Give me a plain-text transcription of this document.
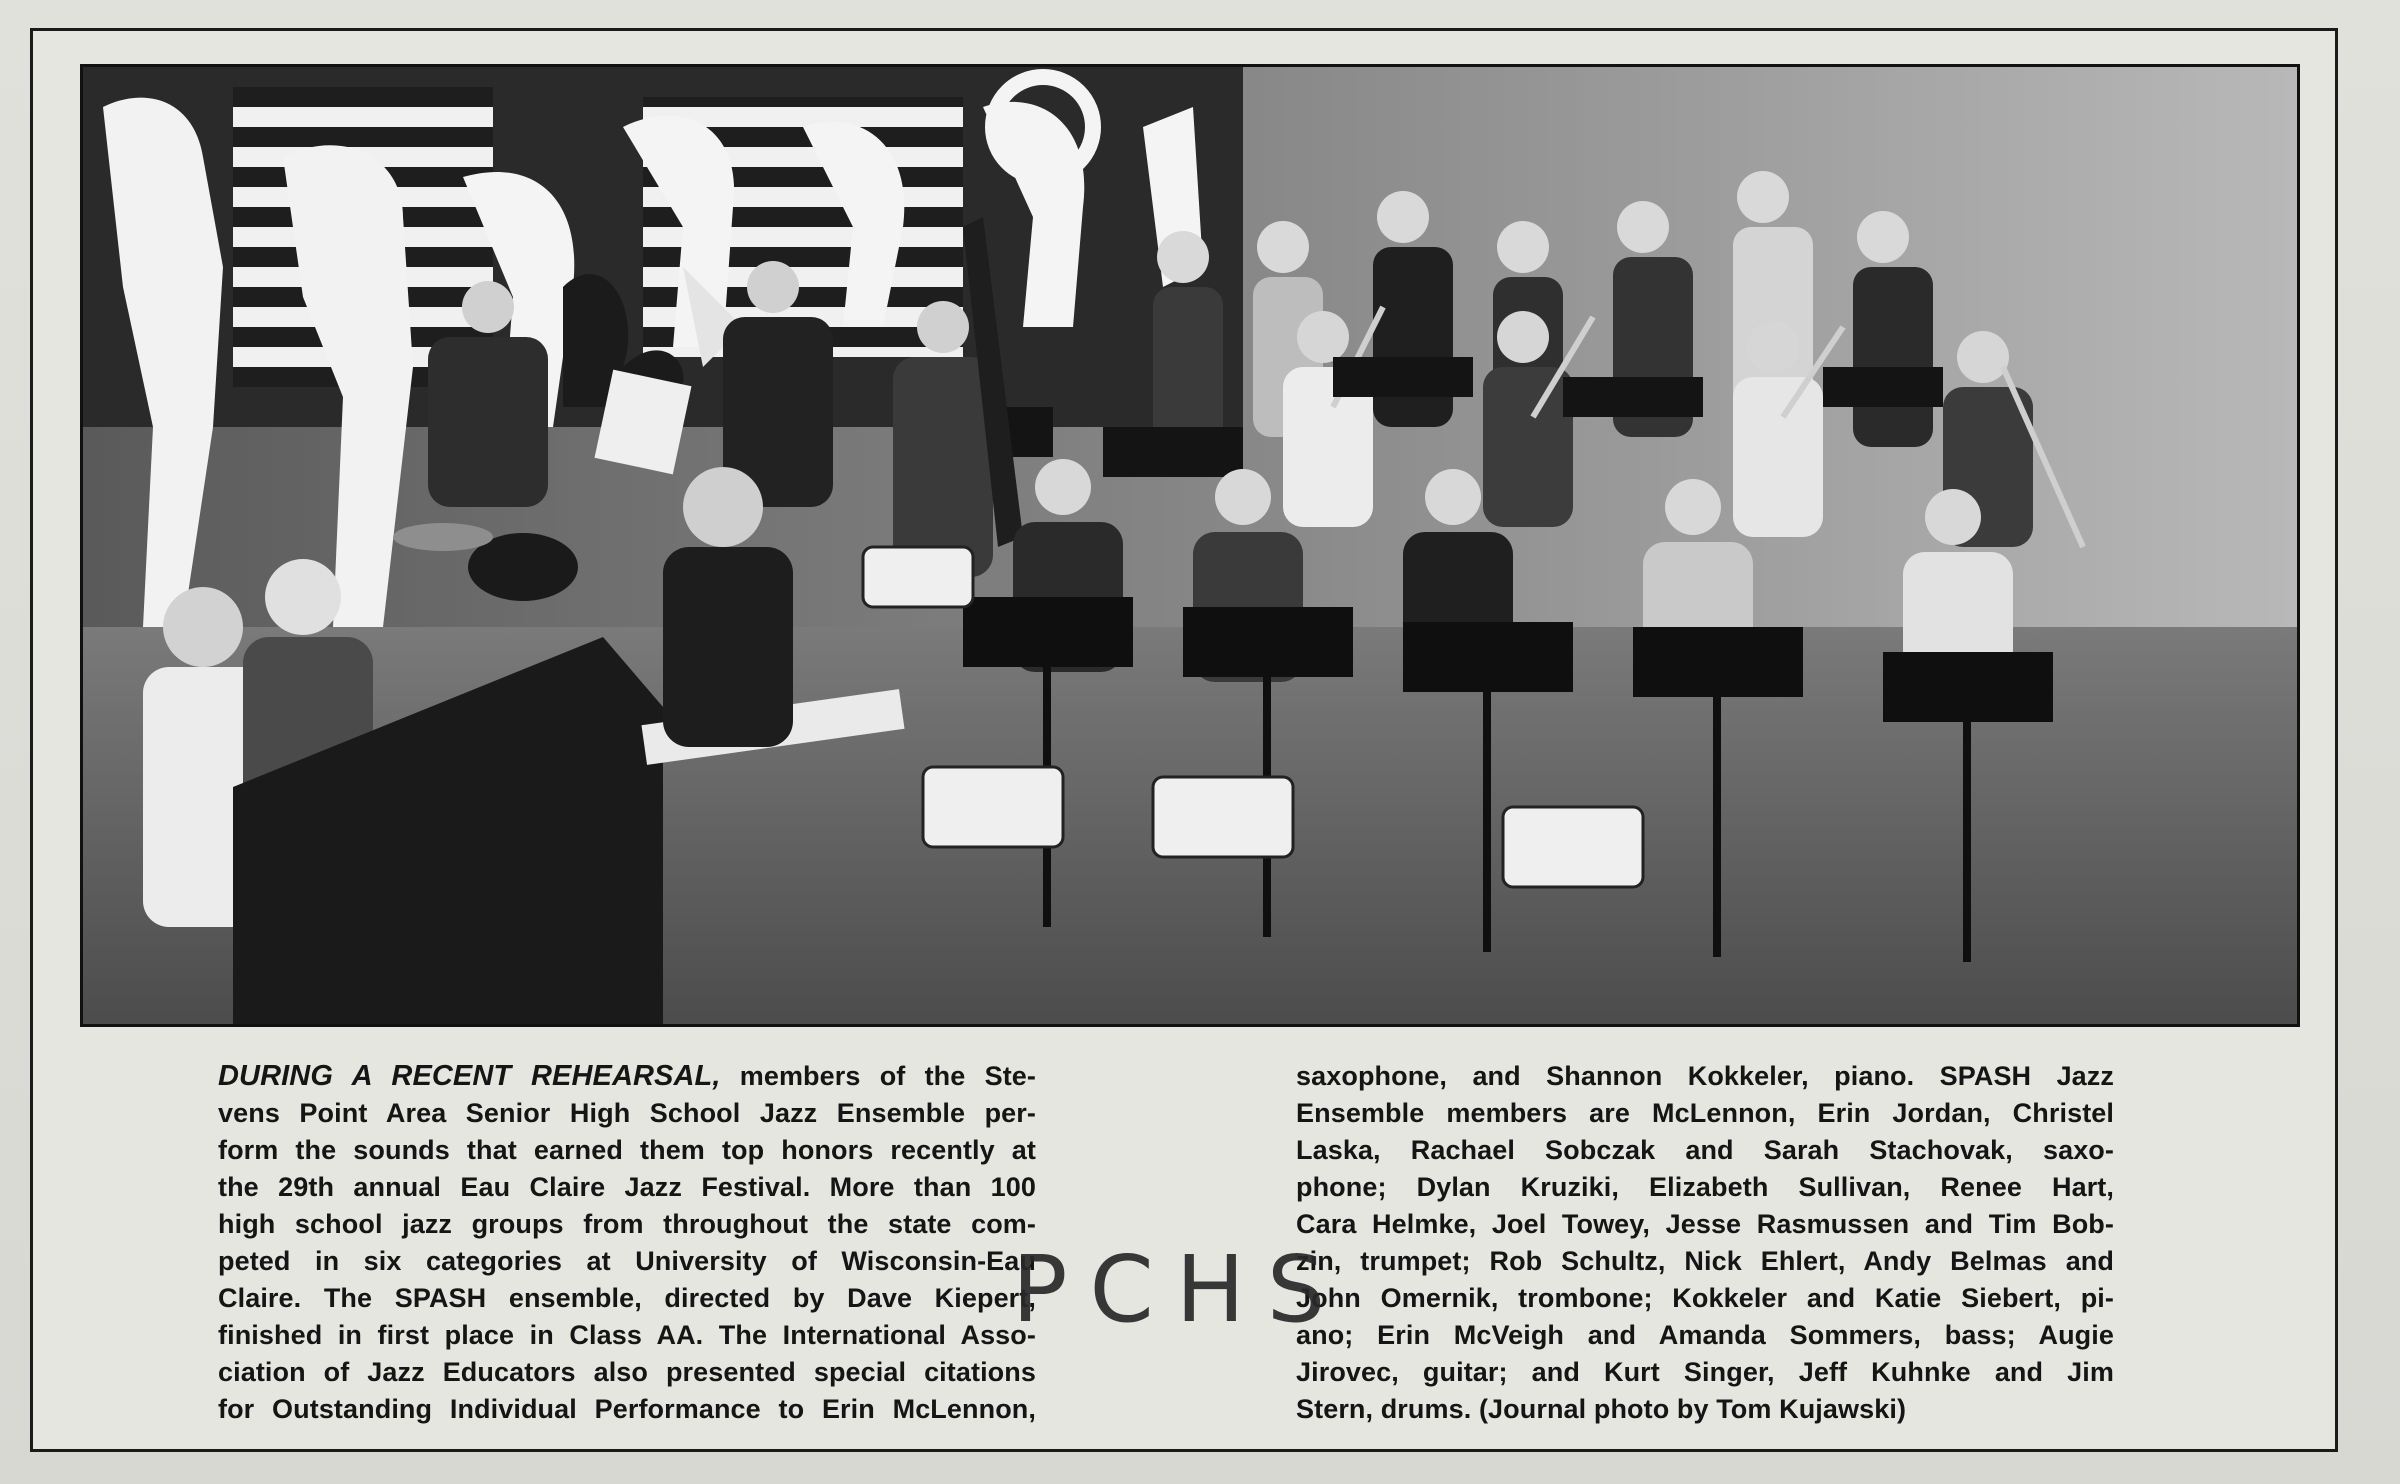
DURING A RECENT REHEARSAL, members of the Ste-
vens Point Area Senior High School Jazz Ensemble per-
form the sounds that earned them top honors recently at
the 29th annual Eau Claire Jazz Festival. More than 100
high school jazz groups from throughout the state com-
peted in six categories at University of Wisconsin-Eau
Claire. The SPASH ensemble, directed by Dave Kiepert,
finished in first place in Class AA. The International Asso-
ciation of Jazz Educators also presented special citations
for Outstanding Individual Performance to Erin McLennon,
saxophone, and Shannon Kokkeler, piano. SPASH Jazz
Ensemble members are McLennon, Erin Jordan, Christel
Laska, Rachael Sobczak and Sarah Stachovak, saxo-
phone; Dylan Kruziki, Elizabeth Sullivan, Renee Hart,
Cara Helmke, Joel Towey, Jesse Rasmussen and Tim Bob-
zin, trumpet; Rob Schultz, Nick Ehlert, Andy Belmas and
John Omernik, trombone; Kokkeler and Katie Siebert, pi-
ano; Erin McVeigh and Amanda Sommers, bass; Augie
Jirovec, guitar; and Kurt Singer, Jeff Kuhnke and Jim
Stern, drums. (Journal photo by Tom Kujawski)
PCHS
